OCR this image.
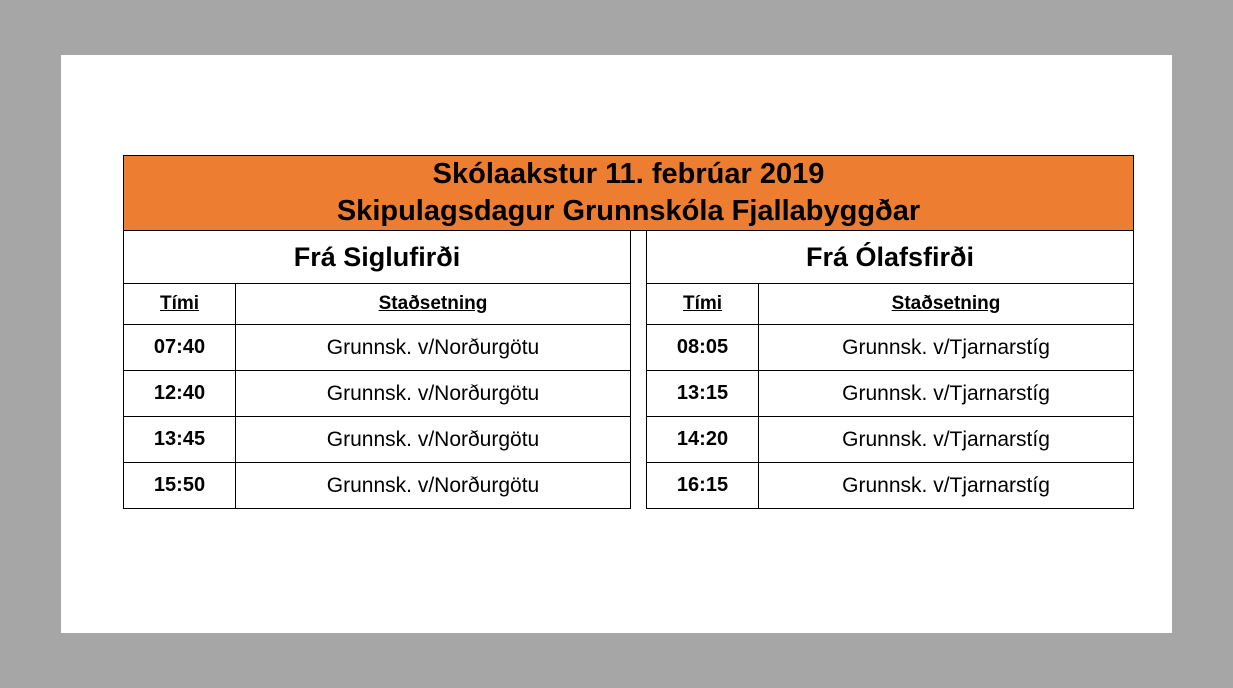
Skólaakstur 11. febrúar 2019
Skipulagsdagur Grunnskóla Fjallabyggðar				

Frá Siglufirði			Frá Ólafsfirði	
Tími	Staðsetning		Tími	Staðsetning
07:40	Grunnsk. v/Norðurgötu		08:05	Grunnsk. v/Tjarnarstíg
12:40	Grunnsk. v/Norðurgötu		13:15	Grunnsk. v/Tjarnarstíg
13:45	Grunnsk. v/Norðurgötu		14:20	Grunnsk. v/Tjarnarstíg
15:50	Grunnsk. v/Norðurgötu		16:15	Grunnsk. v/Tjarnarstíg
